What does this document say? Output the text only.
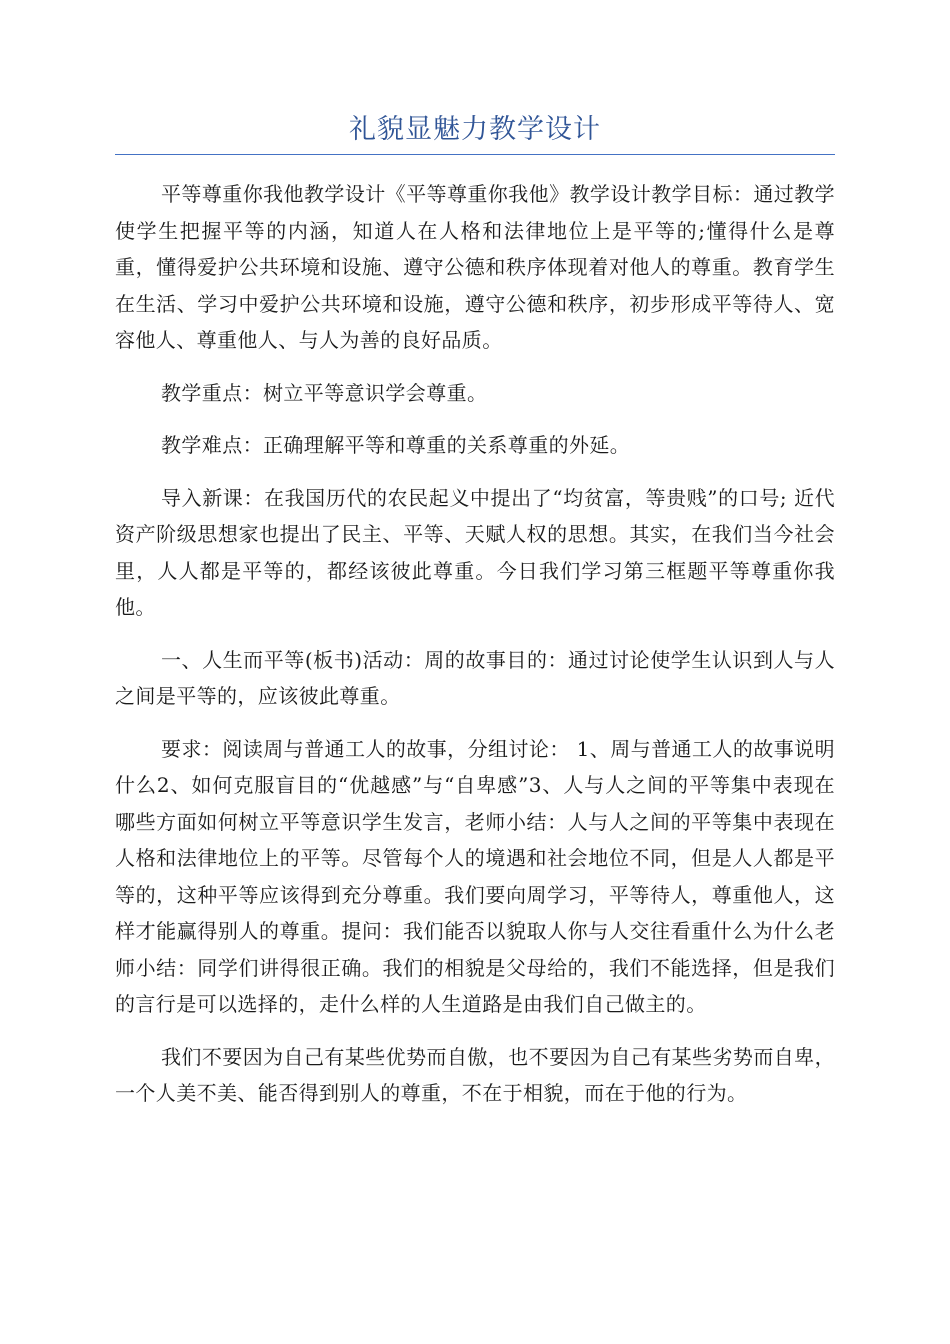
礼貌显魅力教学设计

平等尊重你我他教学设计《平等尊重你我他》教学设计教学目标：通过教学使学生把握平等的内涵，知道人在人格和法律地位上是平等的;懂得什么是尊重，懂得爱护公共环境和设施、遵守公德和秩序体现着对他人的尊重。教育学生在生活、学习中爱护公共环境和设施，遵守公德和秩序，初步形成平等待人、宽容他人、尊重他人、与人为善的良好品质。

教学重点：树立平等意识学会尊重。

教学难点：正确理解平等和尊重的关系尊重的外延。

导入新课：在我国历代的农民起义中提出了“均贫富，等贵贱”的口号; 近代资产阶级思想家也提出了民主、平等、天赋人权的思想。其实，在我们当今社会里，人人都是平等的，都经该彼此尊重。今日我们学习第三框题平等尊重你我他。

一、人生而平等(板书)活动：周的故事目的：通过讨论使学生认识到人与人之间是平等的，应该彼此尊重。

要求：阅读周与普通工人的故事，分组讨论： 1、周与普通工人的故事说明什么2、如何克服盲目的“优越感”与“自卑感”3、人与人之间的平等集中表现在哪些方面如何树立平等意识学生发言，老师小结：人与人之间的平等集中表现在人格和法律地位上的平等。尽管每个人的境遇和社会地位不同，但是人人都是平等的，这种平等应该得到充分尊重。我们要向周学习，平等待人，尊重他人，这样才能赢得别人的尊重。提问：我们能否以貌取人你与人交往看重什么为什么老师小结：同学们讲得很正确。我们的相貌是父母给的，我们不能选择，但是我们的言行是可以选择的，走什么样的人生道路是由我们自己做主的。

我们不要因为自己有某些优势而自傲，也不要因为自己有某些劣势而自卑，一个人美不美、能否得到别人的尊重，不在于相貌，而在于他的行为。
